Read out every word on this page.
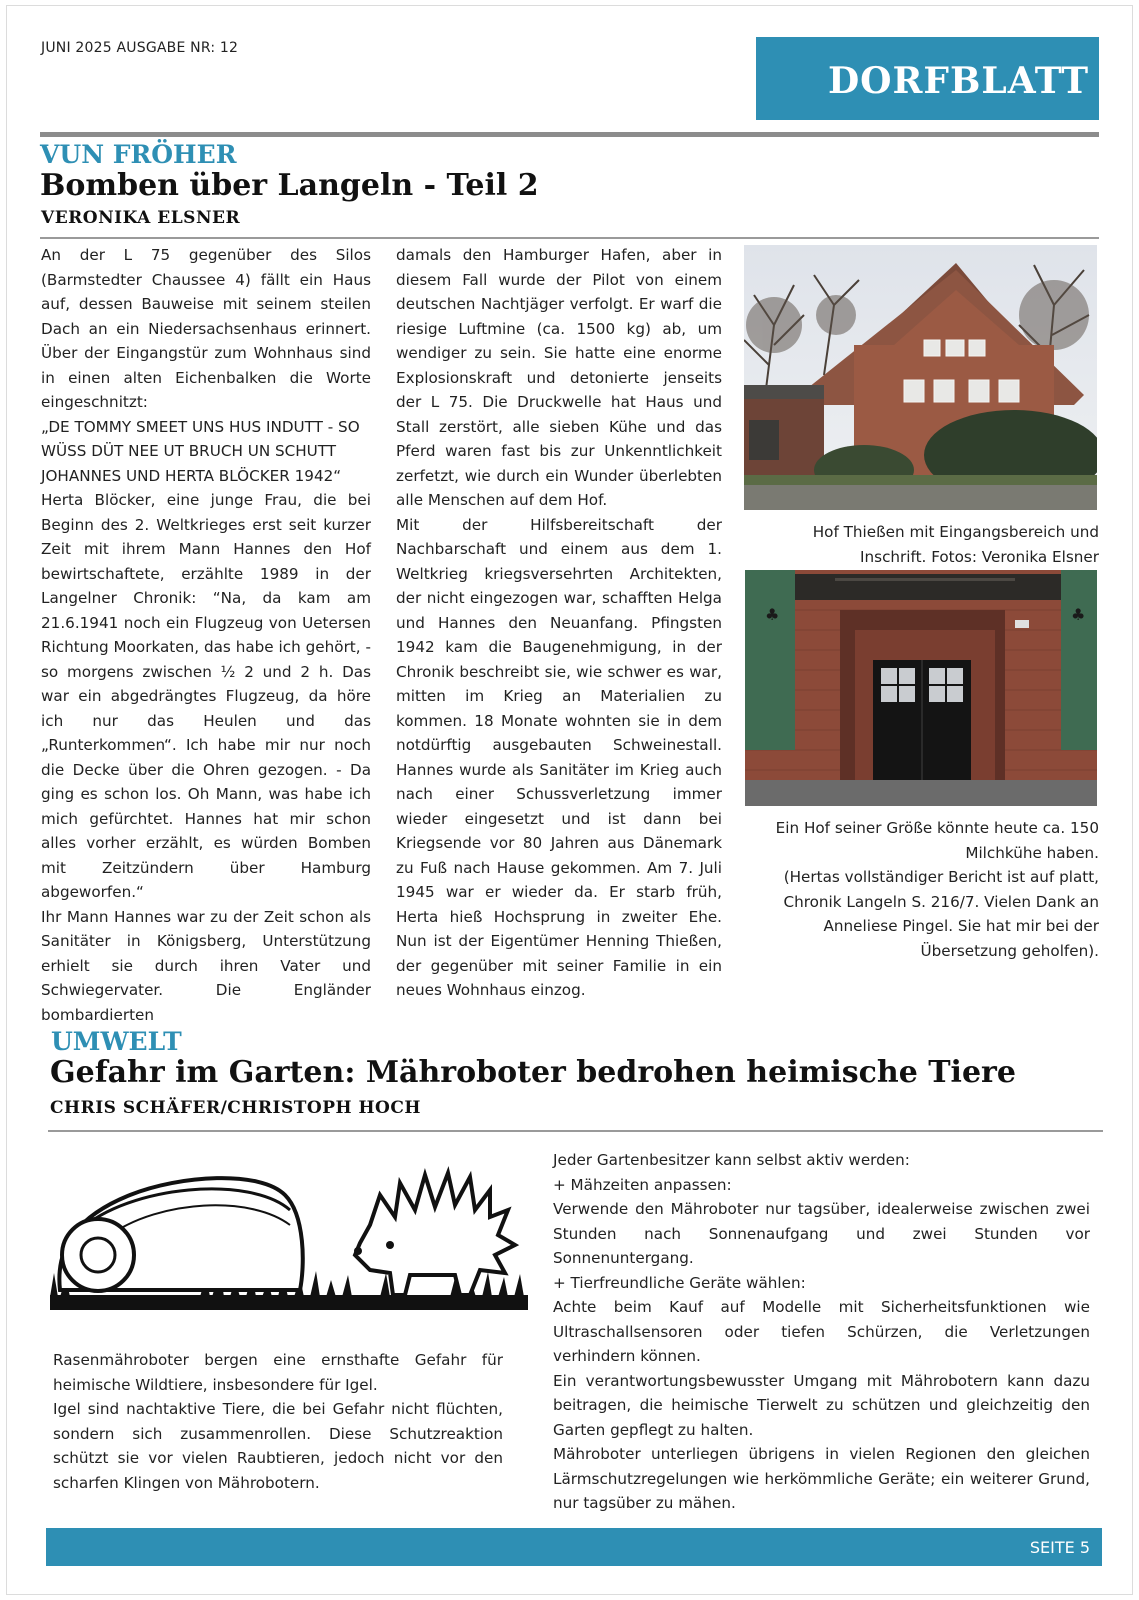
JUNI 2025 AUSGABE NR: 12
DORFBLATT
VUN FRÖHER
Bomben über Langeln - Teil 2
VERONIKA ELSNER

An der L 75 gegenüber des Silos (Barmstedter Chaussee 4) fällt ein Haus auf, dessen Bauweise mit seinem steilen Dach an ein Niedersachsenhaus erinnert. Über der Eingangstür zum Wohnhaus sind in einen alten Eichenbalken die Worte eingeschnitzt:

„DE TOMMY SMEET UNS HUS INDUTT - SO WÜSS DÜT NEE UT BRUCH UN SCHUTT JOHANNES UND HERTA BLÖCKER 1942“

Herta Blöcker, eine junge Frau, die bei Beginn des 2. Weltkrieges erst seit kurzer Zeit mit ihrem Mann Hannes den Hof bewirtschaftete, erzählte 1989 in der Langelner Chronik: “Na, da kam am 21.6.1941 noch ein Flugzeug von Uetersen Richtung Moorkaten, das habe ich gehört, - so morgens zwischen ½ 2 und 2 h. Das war ein abgedrängtes Flugzeug, da höre ich nur das Heulen und das „Runterkommen“. Ich habe mir nur noch die Decke über die Ohren gezogen. - Da ging es schon los. Oh Mann, was habe ich mich gefürchtet. Hannes hat mir schon alles vorher erzählt, es würden Bomben mit Zeitzündern über Hamburg abgeworfen.“

Ihr Mann Hannes war zu der Zeit schon als Sanitäter in Königsberg, Unterstützung erhielt sie durch ihren Vater und Schwiegervater. Die Engländer bombardierten

damals den Hamburger Hafen, aber in diesem Fall wurde der Pilot von einem deutschen Nachtjäger verfolgt. Er warf die riesige Luftmine (ca. 1500 kg) ab, um wendiger zu sein. Sie hatte eine enorme Explosionskraft und detonierte jenseits der L 75. Die Druckwelle hat Haus und Stall zerstört, alle sieben Kühe und das Pferd waren fast bis zur Unkenntlichkeit zerfetzt, wie durch ein Wunder überlebten alle Menschen auf dem Hof.

Mit der Hilfsbereitschaft der Nachbarschaft und einem aus dem 1. Weltkrieg kriegsversehrten Architekten, der nicht eingezogen war, schafften Helga und Hannes den Neuanfang. Pfingsten 1942 kam die Baugenehmigung, in der Chronik beschreibt sie, wie schwer es war, mitten im Krieg an Materialien zu kommen. 18 Monate wohnten sie in dem notdürftig ausgebauten Schweinestall. Hannes wurde als Sanitäter im Krieg auch nach einer Schussverletzung immer wieder eingesetzt und ist dann bei Kriegsende vor 80 Jahren aus Dänemark zu Fuß nach Hause gekommen. Am 7. Juli 1945 war er wieder da. Er starb früh, Herta hieß Hochsprung in zweiter Ehe. Nun ist der Eigentümer Henning Thießen, der gegenüber mit seiner Familie in ein neues Wohnhaus einzog.

Hof Thießen mit Eingangsbereich und Inschrift. Fotos: Veronika Elsner
♣	♣
Ein Hof seiner Größe könnte heute ca. 150 Milchkühe haben.
(Hertas vollständiger Bericht ist auf platt, Chronik Langeln S. 216/7. Vielen Dank an Anneliese Pingel. Sie hat mir bei der Übersetzung geholfen).
UMWELT
Gefahr im Garten: Mähroboter bedrohen heimische Tiere
CHRIS SCHÄFER/CHRISTOPH HOCH

Rasenmähroboter bergen eine ernsthafte Gefahr für heimische Wildtiere, insbesondere für Igel.

Igel sind nachtaktive Tiere, die bei Gefahr nicht flüchten, sondern sich zusammenrollen. Diese Schutzreaktion schützt sie vor vielen Raubtieren, jedoch nicht vor den scharfen Klingen von Mährobotern.

Jeder Gartenbesitzer kann selbst aktiv werden:

+ Mähzeiten anpassen:

Verwende den Mähroboter nur tagsüber, idealerweise zwischen zwei Stunden nach Sonnenaufgang und zwei Stunden vor Sonnenuntergang.

+ Tierfreundliche Geräte wählen:

Achte beim Kauf auf Modelle mit Sicherheitsfunktionen wie Ultraschallsensoren oder tiefen Schürzen, die Verletzungen verhindern können.

Ein verantwortungsbewusster Umgang mit Mährobotern kann dazu beitragen, die heimische Tierwelt zu schützen und gleichzeitig den Garten gepflegt zu halten.

Mähroboter unterliegen übrigens in vielen Regionen den gleichen Lärmschutzregelungen wie herkömmliche Geräte; ein weiterer Grund, nur tagsüber zu mähen.

SEITE 5
